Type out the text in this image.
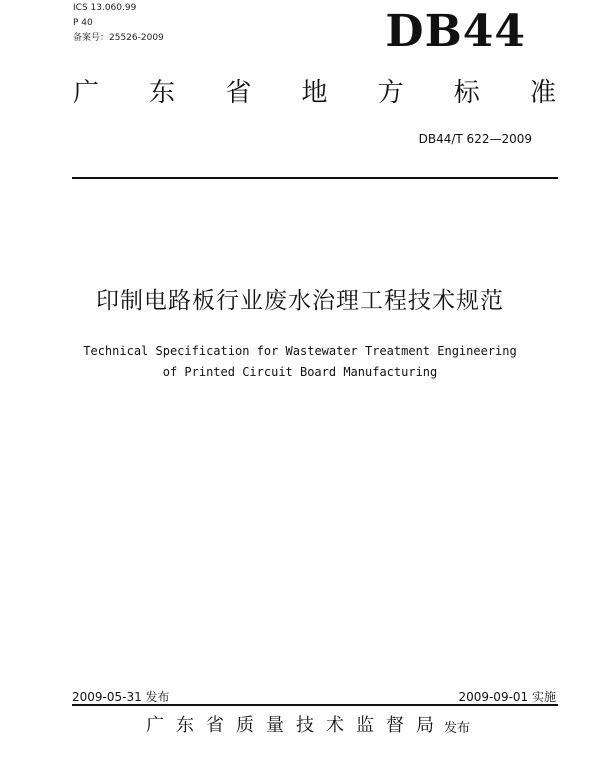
ICS 13.060.99
P 40
备案号：25526-2009	DB44
广 东 省 地 方 标 准
DB44/T 622—2009
印制电路板行业废水治理工程技术规范
Technical Specification for Wastewater Treatment Engineering
of Printed Circuit Board Manufacturing
2009-05-31 发布	2009-09-01 实施
广东省质量技术监督局
发布
